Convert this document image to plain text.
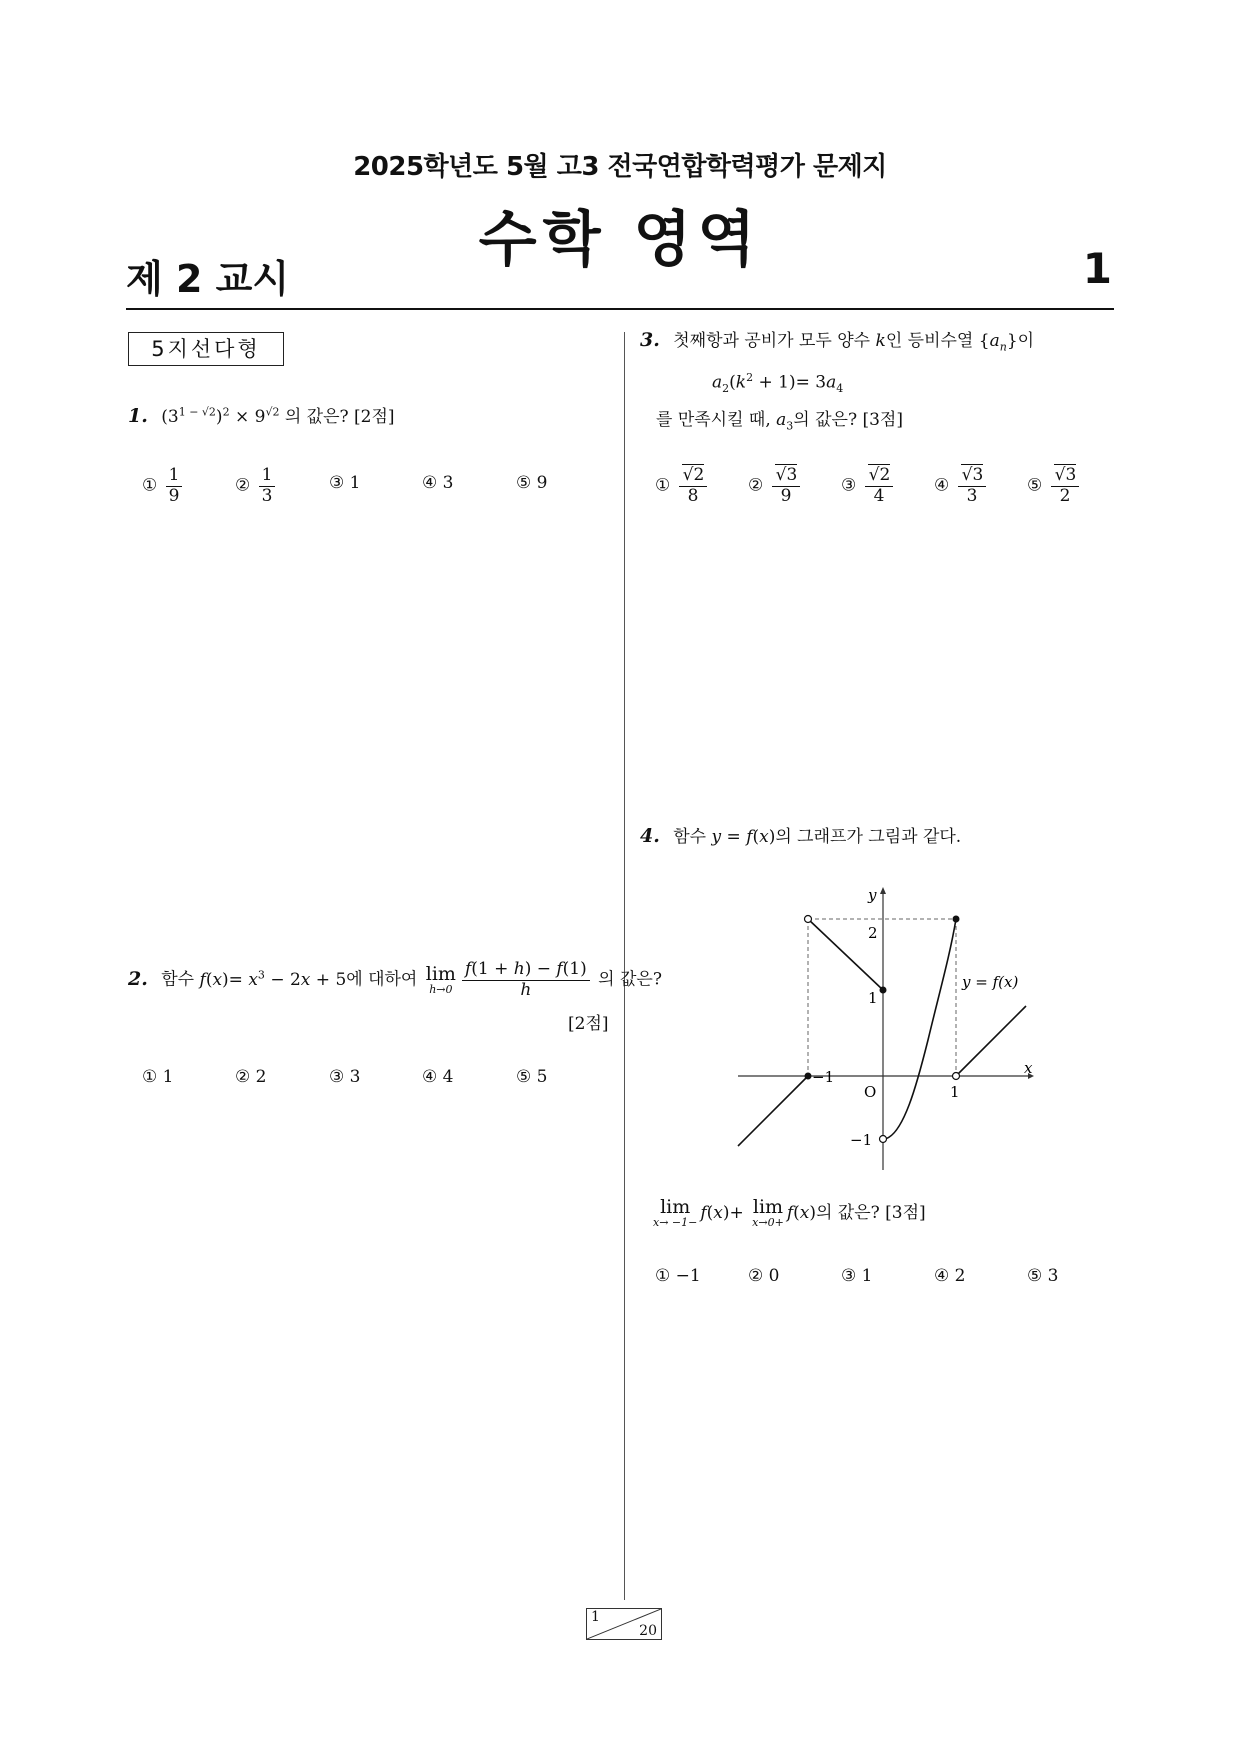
2025학년도 5월 고3 전국연합학력평가 문제지
수학 영역
제 2 교시	1
5지선다형
1. $(3^{1 - √2})^2 \times 9^{√2}$ 의 값은? [2점]
① $\frac{1}{9}$	② $\frac{1}{3}$	③ 1	④ 3	⑤ 9
2. 함수 $f(x)= x^3 - 2x + 5$에 대하여 lim
$h\to 0 \frac{f(1 + h) - f(1)}{h}$ 의 값은?
[2점]
① 1	② 2	③ 3	④ 4	⑤ 5
3. 첫째항과 공비가 모두 양수 k인 등비수열 $\{a_n\}$이
$a_2(k^2 + 1)= 3a_4$
를 만족시킬 때, $a_3$의 값은? [3점]
① $\frac{√2}{8}$ ② $\frac{√3}{9}$ ③ $\frac{√2}{4}$ ④ $\frac{√3}{3}$ ⑤ $\frac{√3}{2}$
4. 함수 y = f(x)의 그래프가 그림과 같다.
y
x
O	1
−1
2
1
−1
y = f(x)
lim
x→ −1− f(x)+ lim
x→0+ f(x)의 값은? [3점]
① −1	② 0	③ 1	④ 2	⑤ 3
1
20
